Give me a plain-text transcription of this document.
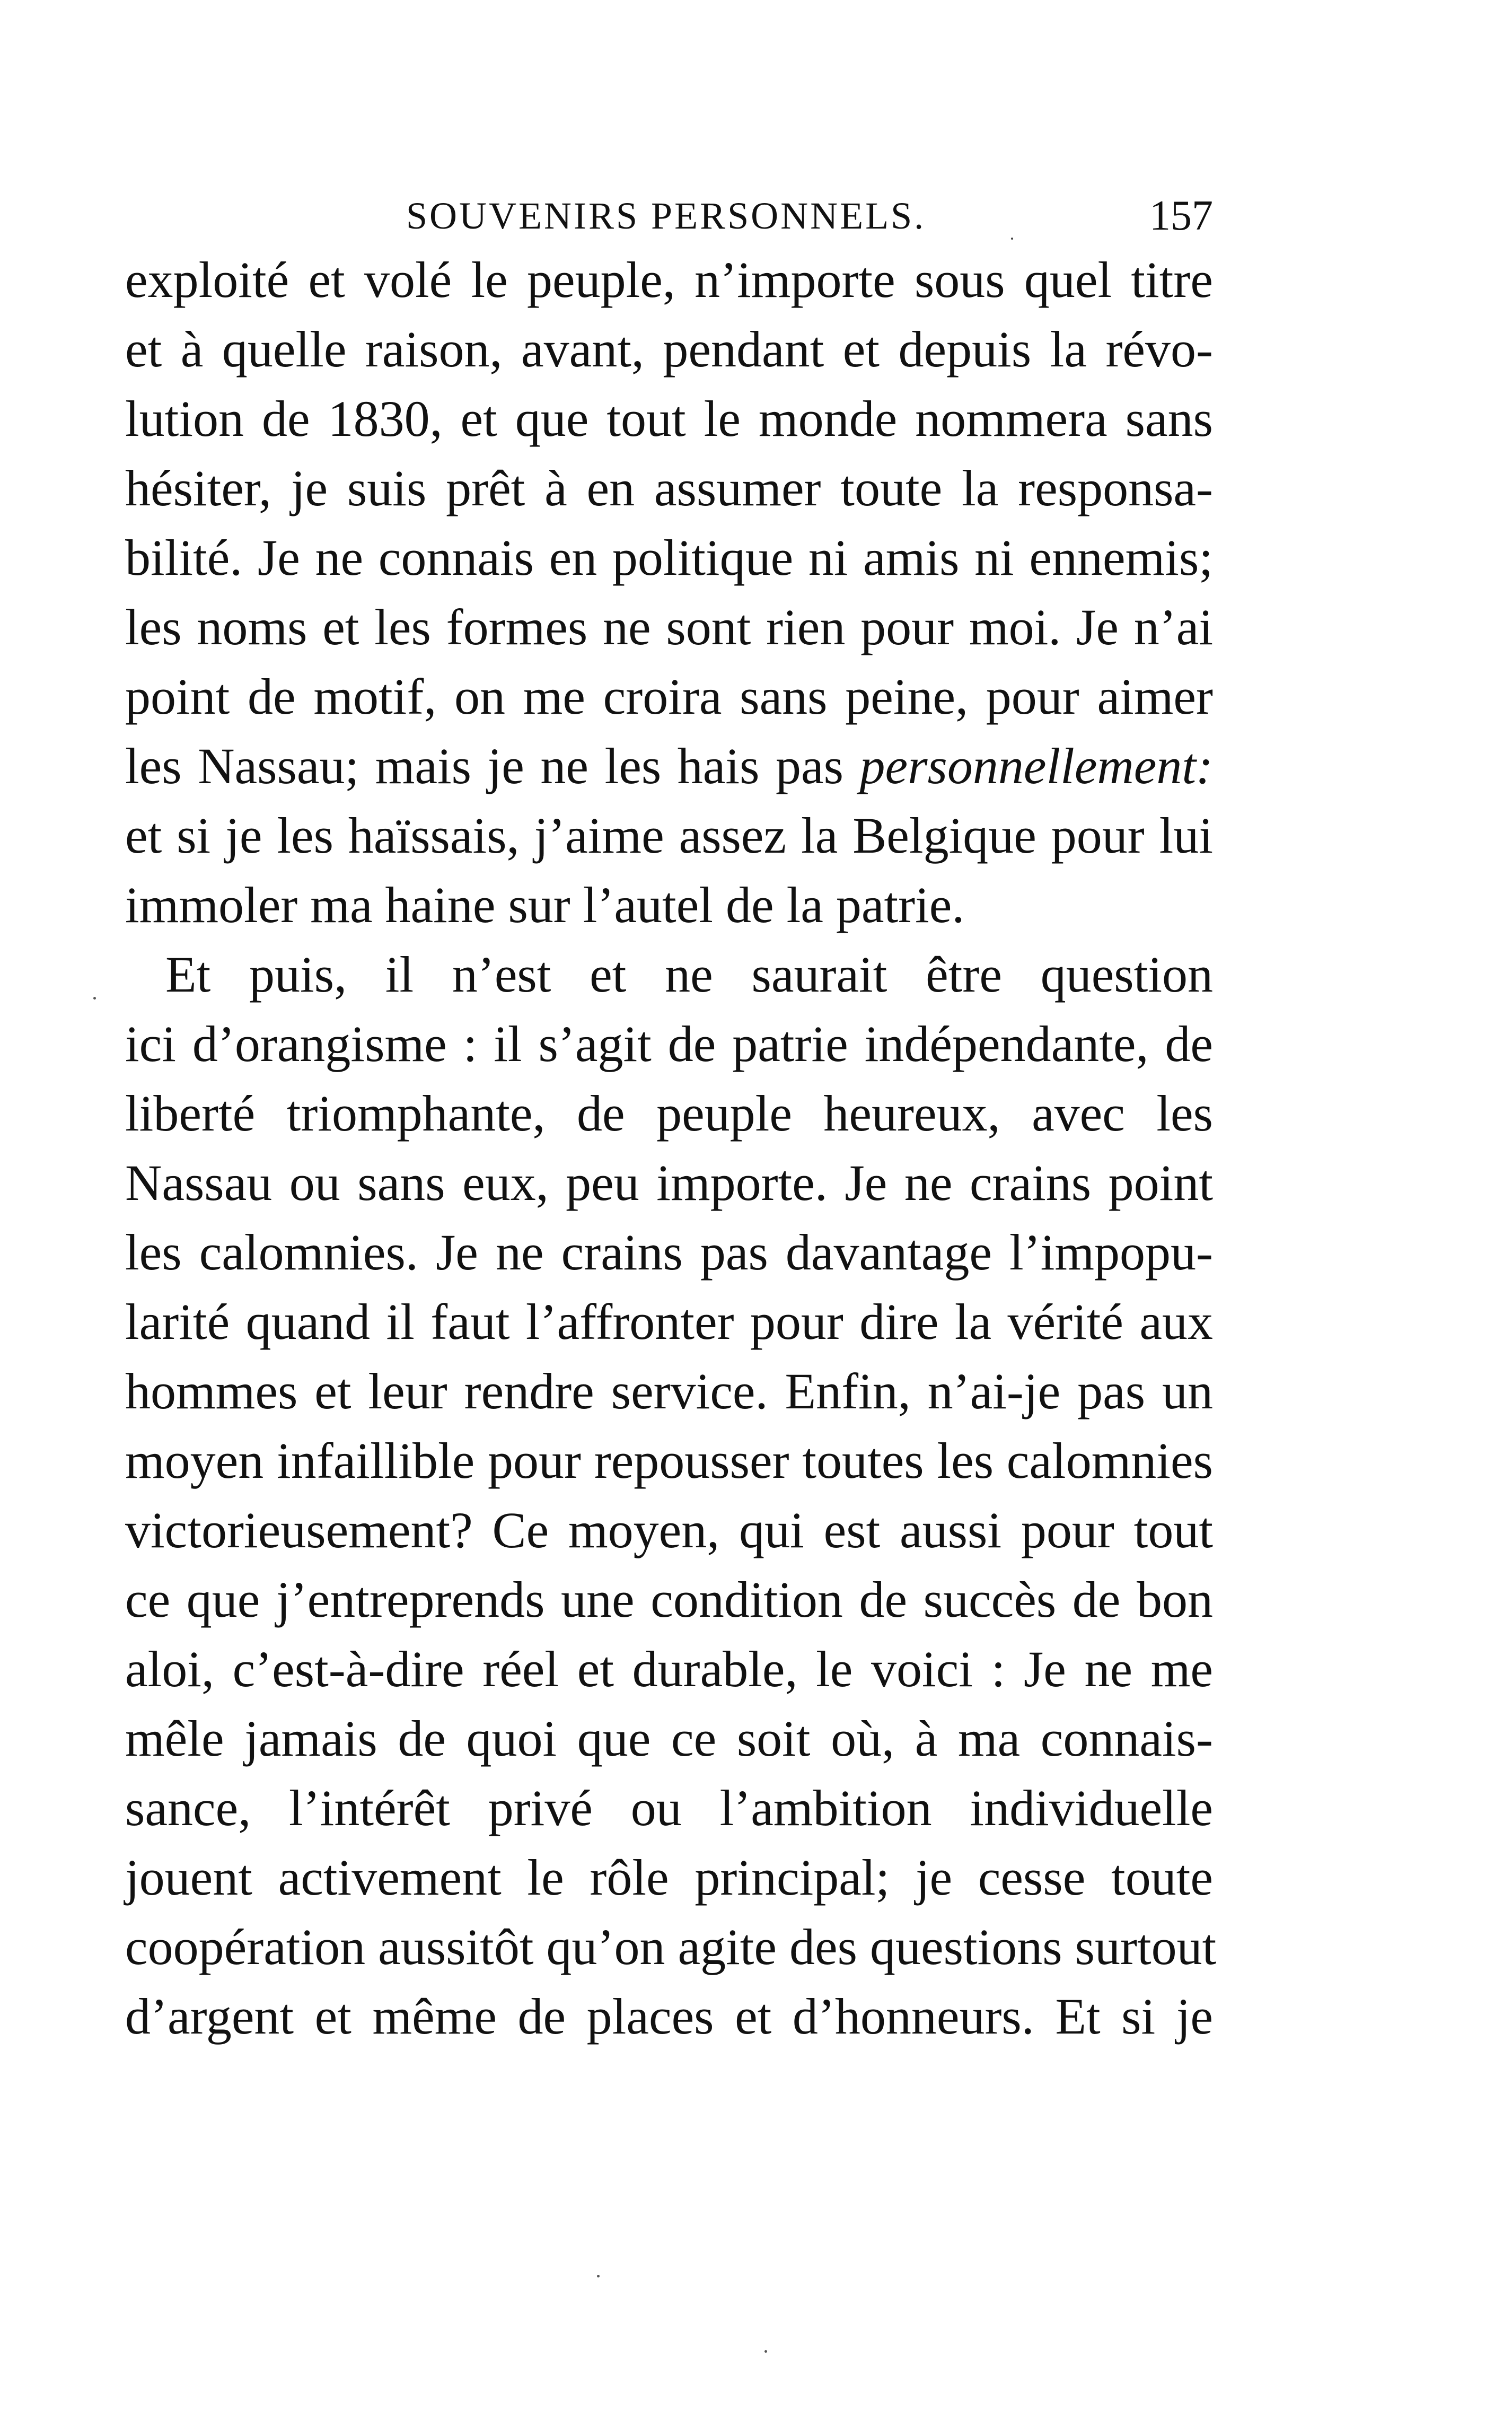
SOUVENIRS PERSONNELS.	157
exploité et volé le peuple, n’importe sous quel titre
et à quelle raison, avant, pendant et depuis la révo-
lution de 1830, et que tout le monde nommera sans
hésiter, je suis prêt à en assumer toute la responsa-
bilité. Je ne connais en politique ni amis ni ennemis;
les noms et les formes ne sont rien pour moi. Je n’ai
point de motif, on me croira sans peine, pour aimer
les Nassau; mais je ne les hais pas personnellement:
et si je les haïssais, j’aime assez la Belgique pour lui
immoler ma haine sur l’autel de la patrie.
Et puis, il n’est et ne saurait être question
ici d’orangisme : il s’agit de patrie indépendante, de
liberté triomphante, de peuple heureux, avec les
Nassau ou sans eux, peu importe. Je ne crains point
les calomnies. Je ne crains pas davantage l’impopu-
larité quand il faut l’affronter pour dire la vérité aux
hommes et leur rendre service. Enfin, n’ai-je pas un
moyen infaillible pour repousser toutes les calomnies
victorieusement? Ce moyen, qui est aussi pour tout
ce que j’entreprends une condition de succès de bon
aloi, c’est-à-dire réel et durable, le voici : Je ne me
mêle jamais de quoi que ce soit où, à ma connais-
sance, l’intérêt privé ou l’ambition individuelle
jouent activement le rôle principal; je cesse toute
coopération aussitôt qu’on agite des questions surtout
d’argent et même de places et d’honneurs. Et si je
